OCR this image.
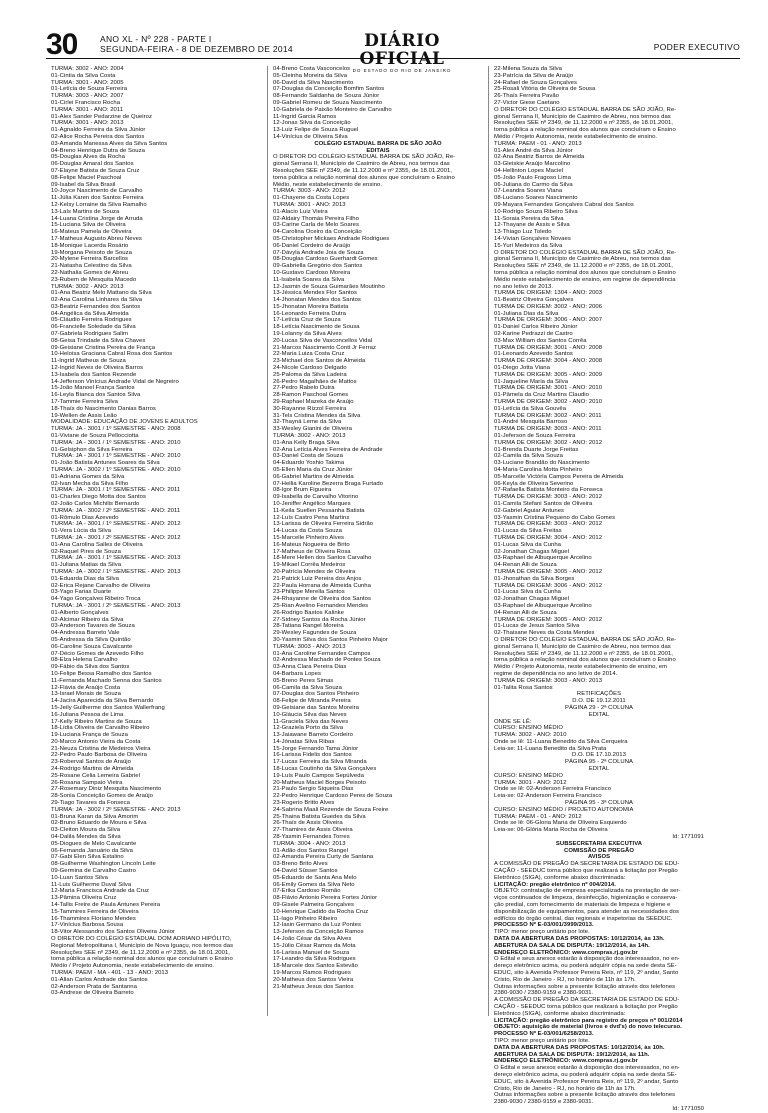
30	ANO XL - Nº 228 - PARTE I
SEGUNDA-FEIRA - 8 DE DEZEMBRO DE 2014	DIÁRIO OFICIAL
DO ESTADO DO RIO DE JANEIRO
PODER EXECUTIVO
TURMA: 3002 - ANO: 2004
01-Cintia da Silva Costa
TURMA: 3001 - ANO: 2005
01-Letícia de Souza Ferreira
TURMA: 3003 - ANO: 2007
01-Cirlei Francisco Rocha
TURMA: 3001 - ANO: 2011
01-Alex Sander Pedarzine de Queiroz
TURMA: 3001 - ANO: 2013
01-Agnaldo Ferreira da Silva Júnior
02-Alice Rocha Pereira dos Santos
03-Amanda Manessa Alves da Silva Santos
04-Breno Henrique Dutra de Souza
05-Douglas Alves da Rocha
06-Douglas Amaral dos Santos
07-Elayne Batista de Souza Cruz
08-Felipe Maciel Paschoal
09-Isabel da Silva Brasil
10-Joyce Nascimento de Carvalho
11-Júlia Karen dos Santos Ferreira
12-Kelsy Lorraine da Silva Ramalho
13-Laís Martins de Souza
14-Luana Cristina Jorge de Arruda
15-Luciana Silva de Oliveira
16-Mateus Pamela de Oliveira
17-Matheus Augusto Abreu Neves
18-Monique Lacerda Rosário
19-Morgana Peixoto de Souza
20-Mylene Ferreira Barcellos
21-Natasha Celestino da Silva
22-Nathalia Gomes de Abreu
23-Rubem de Mesquita Macedo
TURMA: 3002 - ANO: 2013
01-Ana Beatriz Melo Mattano da Silva
02-Ana Carolina Linhares da Silva
03-Beatriz Fernandes dos Santos
04-Angélica da Silva Almeida
05-Cláudio Ferreira Rodrigues
06-Francielle Soledade da Silva
07-Gabriela Rodrigues Salim
08-Geisa Trindade da Silva Chaves
09-Geisiane Cristina Pereira de França
10-Heloisa Graciana Cabral Rosa dos Santos
11-Ingrid Matheus de Souza
12-Ingrid Neves de Oliveira Barros
13-Isabela dos Santos Rezende
14-Jefferson Vinícius Andrade Vidal de Negreiro
15-João Manoel França Santos
16-Leyla Bianca dos Santos Silva
17-Tammie Ferreira Silva
18-Thaís do Nascimento Danias Barros
19-Wellen de Assis Leão
MODALIDADE: EDUCAÇÃO DE JOVENS E ADULTOS
TURMA: JA - 3001 / 1º SEMESTRE - ANO: 2008
01-Viviane de Souza Pellocciotta
TURMA: JA - 3001 / 1º SEMESTRE - ANO: 2010
01-Gelsiphon da Silva Ferreira
TURMA: JA - 3001 / 1º SEMESTRE - ANO: 2010
01-João Batista Antunes Soares da Silva
TURMA: JA - 3002 / 1º SEMESTRE - ANO: 2010
01-Adriana Gomes da Silva
02-Ivan Mecha da Silva Filho
TURMA: JA - 3001 / 1º SEMESTRE - ANO: 2011
01-Charles Diego Motta dos Santos
02-João Carlos Michilis Bernardo
TURMA: JA - 3002 / 2º SEMESTRE - ANO: 2011
01-Rômulo Dias Azevedo
TURMA: JA - 3001 / 1º SEMESTRE - ANO: 2012
01-Vera Lúcia da Silva
TURMA: JA - 3001 / 2º SEMESTRE - ANO: 2012
01-Ana Carolina Salles de Oliveira
02-Raquel Pires de Souza
TURMA: JA - 3001 / 1º SEMESTRE - ANO: 2013
01-Juliana Matias da Silva
TURMA: JA - 3002 / 1º SEMESTRE - ANO: 2013
01-Eduarda Dias da Silva
02-Erica Rejane Carvalho de Oliveira
03-Yago Farias Duarte
04-Yago Gonçalves Ribeiro Troca
TURMA: JA - 3001 / 2º SEMESTRE - ANO: 2013
01-Alberto Gonçalves
02-Alcimar Ribeiro da Silva
03-Anderson Tavares de Souza
04-Andressa Barreto Vale
05-Andressa da Silva Quintão
06-Caroline Souza Cavalcante
07-Décio Gomes de Azevedo Filho
08-Elza Helena Carvalho
09-Fábio da Silva dos Santos
10-Felipe Bessa Ramalho dos Santos
11-Fernanda Machado Senna dos Santos
12-Flávia de Araújo Costa
13-Israel Morais de Souza
14-Jacira Aparecida da Silva Bernardo
15-Jeily Guilherme dos Santos Wallerfrang
16-Juliana Pessoa de Lima
17-Kelly Ribeiro Martins de Souza
18-Lídia Oliveira de Carvalho Ribeiro
19-Luciana França de Souza
20-Marco Antonio Vieira da Costa
21-Neuza Cristina de Medeiros Vieira
22-Pedro Paulo Barbosa de Oliveira
23-Roberval Santos de Araújo
24-Rodrigo Martins de Almeida
25-Rosane Celia Lemeira Gabriel
26-Rosana Sampaio Vieira
27-Rosemary Diniz Mesquita Nascimento
28-Sonia Conceição Gomes de Araújo
29-Tiago Tavares da Fonseca
TURMA: JA - 3002 / 2º SEMESTRE - ANO: 2013
01-Bruna Karan da Silva Amorim
02-Bruno Eduardo de Moura e Silva
03-Cleiton Moura da Silva
04-Dalila Mendes da Silva
05-Diogues de Melo Cavalcante
06-Fernanda Januário da Silva
07-Gabi Elen Silva Estalino
08-Guilherme Washington Lincoln Leite
09-Germina de Carvalho Castro
10-Luan Santos Silva
11-Luis Guilherme Duval Silva
12-Maria Francisca Andrade da Cruz
13-Pâmina Oliveira Cruz
14-Tallis Freire de Paula Antunes Pereira
15-Tammires Ferreira de Oliveira
16-Thammires Floriano Mendes
17-Vinícius Barbosa Sousa
18-Vitor Alessandro dos Santos Oliveira Júnior
O DIRETOR DO COLÉGIO ESTADUAL DOM ADRIANO HIPÓLITO,
Regional Metropolitana I, Município de Nova Iguaçu, nos termos das
Resoluções SEE nº 2349, de 11.12.2000 e nº 2355, de 18.01.2001,
torna pública a relação nominal dos alunos que concluíram o Ensino
Médio / Projeto Autonomia, neste estabelecimento de ensino.
TURMA: PAEM - MA - 401 - 13 - ANO: 2013
01-Allan Carlos Andrade dos Santos
02-Anderson Prata de Santanna
03-Andrese de Oliveira Barreto
04-Breno Costa Vasconcelos
05-Cleinha Moreira da Silva
06-David da Silva Nascimento
07-Douglas da Conceição Bomfim Santos
08-Fernando Saldanha de Souza Júnior
09-Gabriel Romeu de Souza Nascimento
10-Gabriela de Paixão Monteiro de Carvalho
11-Ingrid Garcia Ramos
12-Jonas Silva da Conceição
13-Luiz Felipe de Souza Ruguel
14-Vinícius de Oliveira Silva
COLÉGIO ESTADUAL BARRA DE SÃO JOÃO
EDITAIS
O DIRETOR DO COLÉGIO ESTADUAL BARRA DE SÃO JOÃO, Re-
gional Serrana II, Município de Casimiro de Abreu, nos termos das
Resoluções SEE nº 2349, de 11.12.2000 e nº 2355, de 18.01.2001,
torna pública a relação nominal dos alunos que concluíram o Ensino
Médio, neste estabelecimento de ensino.
TURMA: 3003 - ANO: 2012
01-Chayene da Costa Lopes
TURMA: 3001 - ANO: 2013
01-Alacio Luiz Vieira
02-Aldairy Thomás Pereira Filho
03-Carine Carla de Melo Soares
04-Carolina Oceiro da Conceição
05-Christopher Mickaes Andrade Rodrigues
06-Daniel Cordeiro de Araújo
07-Dávyla Andrade Joia de Souza
08-Douglas Cardoso Guerhardt Gomes
09-Gabriella Gregório dos Santos
10-Gustavo Cardoso Moreira
11-Isabela Soares da Silva
12-Jasmin de Souza Guimarães Moutinho
13-Jéssica Mendes Flor Santos
14-Jhonatan Mendes dos Santos
15-Jhonatan Moreira Batista
16-Leonardo Ferreira Dutra
17-Letícia Cruz de Souza
18-Letícia Nascimento de Sousa
19-Lolanny da Silva Alves
20-Lucas Silva de Vasconcellos Vidal
21-Marcos Nascimento Conti Jr Ferraz
22-Maria Luiza Costa Cruz
23-Michael dos Santos de Almeida
24-Nicole Cardoso Delgado
25-Paloma da Silva Ladeira
26-Pedro Magalhães de Mattos
27-Pedro Rabelo Dutra
28-Ramon Paschoal Gomes
29-Raphael Mazeka de Araújo
30-Rayanne Rizzol Ferreira
31-Tels Cristina Mendes da Silva
32-Thayná Leme da Silva
33-Wesley Gianini de Oliveira
TURMA: 3002 - ANO: 2013
01-Ana Kelly Braga Silva
02-Ana Letícia Alves Ferreira de Andrade
03-Daniel Costa de Souza
04-Eduardo Yoshio Takima
05-Ellen Maria da Cruz Júnior
06-Gabriel Martins de Almeida
07-Hellia Karoline Bezerra Braga Furtado
08-Igor Brum Figueira
09-Isabella de Carvalho Vitorino
10-Jeniffer Angélico Marques
11-Keila Suellen Pessanha Batista
12-Luís Castro Pena Martins
13-Larissa de Oliveira Ferreira Sidrão
14-Lucas da Costa Souza
15-Marcelle Pinheiro Alves
16-Mateus Nogueira de Brito
17-Matheus de Oliveira Rosa
18-Mere Hellen dos Santos Carvalho
19-Mikael Corrêa Medeiros
20-Patrícia Mendes de Oliveira
21-Patrick Luiz Pereira dos Anjos
22-Paula Horrana de Almeida Cunha
23-Philippe Merella Santos
24-Rhayanne de Oliveira dos Santos
25-Rian Avelino Fernandes Mendes
26-Rodrigo Bastos Kalinke
27-Sidney Santos da Rocha Júnior
28-Tatiana Rangel Moreira
29-Wesley Fagundes de Souza
30-Yasmin Silva dos Santos Pinheiro Major
TURMA: 3003 - ANO: 2013
01-Ana Caroline Fernandes Campos
02-Andressa Machado de Pontes Souza
03-Anna Clara Pereira Dias
04-Barbara Lopes
05-Breno Peres Simas
06-Camila da Silva Souza
07-Douglas dos Santos Pinheiro
08-Felipe de Miranda Pereira
09-Geisiane das Santos Moreira
10-Gláucia Silva das Neves
11-Graciela Silva das Neves
12-Graziela Porto da Silva
13-Jaiawane Barreto Cordeiro
14-Jónatas Silva Ribas
15-Jorge Fernando Tama Júnior
16-Larissa Fidelis dos Santos
17-Lucas Ferreira da Silva Miranda
18-Lucas Coutinho da Silva Gonçalves
19-Luís Paulo Campos Sepúlveda
20-Matheus Maciel Borges Peixoto
21-Paulo Sergio Siqueira Dias
22-Pedro Henrique Cardoso Peres de Souza
23-Rogerio Britto Alves
24-Sabrina Maali Rezende de Souza Freire
25-Thaina Batista Guedes da Silva
26-Thaís de Assis Oliveira
27-Thamires de Assis Oliveira
28-Yasmin Fernandes Torres
TURMA: 3004 - ANO: 2013
01-Adão dos Santos Rangel
02-Amanda Pereira Curty de Santana
03-Breno Brito Alves
04-David Süsser Santos
05-Eduardo de Santa Ana Melo
06-Emily Gomes da Silva Neto
07-Erika Cardoso Romão
08-Flávio Antonio Pereira Fortes Júnior
09-Gisele Palmeira Gonçalves
10-Henrique Cadido da Rocha Cruz
11-Iago Pinheiro Ribeiro
12-Iasin Germano da Luz Pontes
13-Jeferson da Conceição Ramos
14-João César da Silva Alves
15-Júlio César Ramos da Mota
16-Larissa Manuel de Souza
17-Leandro da Silva Rodrigues
18-Marcele dos Santos Estevão
19-Marcos Ramos Rodrigues
20-Matheus dos Santos Vieira
21-Matheus Jesus dos Santos
22-Milena Souza da Silva
23-Patrícia da Silva de Araújo
24-Rafael de Souza Gonçalves
25-Rosali Vitória de Oliveira de Sousa
26-Thaís Ferreira Pavão
27-Victor Giese Caetano
O DIRETOR DO COLÉGIO ESTADUAL BARRA DE SÃO JOÃO, Re-
gional Serrana II, Município de Casimiro de Abreu, nos termos das
Resoluções SEE nº 2349, de 11.12.2000 e nº 2355, de 18.01.2001,
torna pública a relação nominal dos alunos que concluíram o Ensino
Médio / Projeto Autonomia, neste estabelecimento de ensino.
TURMA: PAEM - 01 - ANO: 2013
01-Alex André da Silva Júnior
02-Ana Beatriz Barros de Almeida
03-Gleiskie Araújo Marcolino
04-Hellinton Lopes Maciel
05-João Paulo Fragoso Lima
06-Juliana do Carmo da Silva
07-Leandra Soares Viana
08-Luciano Soares Nascimento
09-Mayara Fernandes Gonçalves Cabral dos Santos
10-Rodrigo Souza Ribeiro Silva
11-Soraia Pereira da Silva
12-Thayane de Assis e Silva
13-Thiago Luz Toledo
14-Vivian Gonçalves Novaes
15-Yuri Medeiros da Silva
O DIRETOR DO COLÉGIO ESTADUAL BARRA DE SÃO JOÃO, Re-
gional Serrana II, Município de Casimiro de Abreu, nos termos das
Resoluções SEE nº 2349, de 11.12.2000 e nº 2355, de 18.01.2001,
torna pública a relação nominal dos alunos que concluíram o Ensino
Médio neste estabelecimento de ensino, em regime de dependência
no ano letivo de 2013.
TURMA DE ORIGEM: 1304 - ANO: 2003
01-Beatriz Oliveira Gonçalves
TURMA DE ORIGEM: 3002 - ANO: 2006
01-Juliana Dias da Silva
TURMA DE ORIGEM: 3006 - ANO: 2007
01-Daniel Carlos Ribeiro Júnior
02-Karine Pedrazzi de Castro
03-Max William dos Santos Corrêa
TURMA DE ORIGEM: 3001 - ANO: 2008
01-Leonardo Azevedo Santos
TURMA DE ORIGEM: 3004 - ANO: 2008
01-Diego Jotta Viana
TURMA DE ORIGEM: 3005 - ANO: 2009
01-Jaqueline Maria da Silva
TURMA DE ORIGEM: 3001 - ANO: 2010
01-Pâmela da Cruz Martins Claudio
TURMA DE ORIGEM: 3002 - ANO: 2010
01-Letícia da Silva Gouvêa
TURMA DE ORIGEM: 3002 - ANO: 2011
01-André Mesquita Barroso
TURMA DE ORIGEM: 3003 - ANO: 2011
01-Jeferson de Souza Ferreira
TURMA DE ORIGEM: 3002 - ANO: 2012
01-Brenda Duarte Jorge Freitas
02-Camila da Silva Souza
03-Luciane Brandão do Nascimento
04-Maria Carolina Motta Pinheiro
05-Marcelle Victória Campos Pereira de Almeida
06-Keyla de Oliveira Severino
07-Rafaella Batista Monteiro da Fonseca
TURMA DE ORIGEM: 3003 - ANO: 2012
01-Camila Stefani Santos de Oliveira
02-Gabriel Aguiar Antunes
03-Yasmin Cristina Pequeno do Cabo Gomes
TURMA DE ORIGEM: 3003 - ANO: 2012
01-Lucas da Silva Freitas
TURMA DE ORIGEM: 3004 - ANO: 2012
01-Lucas Silva da Cunha
02-Jonathan Chagas Miguel
03-Raphael de Albuquerque Arcelino
04-Renan Alli de Souza
TURMA DE ORIGEM: 3005 - ANO: 2012
01-Jhonathan da Silva Borges
TURMA DE ORIGEM: 3006 - ANO: 2012
01-Lucas Silva da Cunha
02-Jonathan Chagas Miguel
03-Raphael de Albuquerque Arcelino
04-Renan Alli de Souza
TURMA DE ORIGEM: 3005 - ANO: 2012
01-Lucas de Jesus Santos Silva
02-Thaisane Neves da Costa Mendes
O DIRETOR DO COLÉGIO ESTADUAL BARRA DE SÃO JOÃO, Re-
gional Serrana II, Município de Casimiro de Abreu, nos termos das
Resoluções SEE nº 2349, de 11.12.2000 e nº 2355, de 18.01.2001,
torna pública a relação nominal dos alunos que concluíram o Ensino
Médio / Projeto Autonomia, neste estabelecimento de ensino, em
regime de dependência no ano letivo de 2014.
TURMA DE ORIGEM: 3003 - ANO: 2013
01-Talita Rosa Santos
RETIFICAÇÕES
D.O. DE 19.12.2011
PÁGINA 29 - 2ª COLUNA
EDITAL
ONDE SE LÊ:
CURSO: ENSINO MÉDIO
TURMA: 3002 - ANO: 2010
Onde se lê: 11-Luana Benedito da Silva Cerqueira
Leia-se: 11-Luana Benedito da Silva Prata
D.O. DE 17.10.2013
PÁGINA 95 - 2ª COLUNA
EDITAL
CURSO: ENSINO MÉDIO
TURMA: 3001 - ANO: 2012
Onde se lê: 02-Anderson Ferreira Francisco
Leia-se: 02-Anderson Ferreira Francisco
PÁGINA 95 - 3ª COLUNA
CURSO: ENSINO MÉDIO / PROJETO AUTONOMIA
TURMA: PAEM - 01 - ANO: 2012
Onde se lê: 06-Gloria Maria de Oliveira Esquierdo
Leia-se: 06-Glória Maria Rocha de Oliveira
Id: 1771091
SUBSECRETARIA EXECUTIVA
COMISSÃO DE PREGÃO
AVISOS
A COMISSÃO DE PREGÃO DA SECRETARIA DE ESTADO DE EDU-
CAÇÃO - SEEDUC torna público que realizará a licitação por Pregão
Eletrônico (SIGA), conforme abaixo discriminada:
LICITAÇÃO: pregão eletrônico nº 004/2014.
OBJETO: contratação de empresa especializada na prestação de ser-
viços continuados de limpeza, desinfecção, higienização e conserva-
ção predial, com fornecimento de materiais de limpeza e higiene e
disponibilização de equipamentos, para atender as necessidades dos
edifícios do órgão central, das regionais e inspetorias da SEEDUC.
PROCESSO Nº E-03/001/3999/2013.
TIPO: menor preço unitário por lote.
DATA DA ABERTURA DAS PROPOSTAS: 10/12/2014, às 13h.
ABERTURA DA SALA DE DISPUTA: 19/12/2014, às 14h.
ENDEREÇO ELETRÔNICO: www.compras.rj.gov.br
O Edital e seus anexos estarão à disposição dos interessados, no en-
dereço eletrônico acima, ou poderá adquirir cópia na sede desta SE-
EDUC, sito à Avenida Professor Pereira Reis, nº 119, 2º andar, Santo
Cristo, Rio de Janeiro - RJ, no horário de 11h às 17h.
Outras informações sobre a presente licitação através dos telefones
2380-9030 / 2380-9159 e 2380-9031.
A COMISSÃO DE PREGÃO DA SECRETARIA DE ESTADO DE EDU-
CAÇÃO - SEEDUC torna público que realizará a licitação por Pregão
Eletrônico (SIGA), conforme abaixo discriminada:
LICITAÇÃO: pregão eletrônico para registro de preços nº 001/2014
OBJETO: aquisição de material (livros e dvd's) do novo telecurso.
PROCESSO Nº E-03/001/6258/2013.
TIPO: menor preço unitário por lote.
DATA DA ABERTURA DAS PROPOSTAS: 10/12/2014, às 10h.
ABERTURA DA SALA DE DISPUTA: 19/12/2014, às 11h.
ENDEREÇO ELETRÔNICO: www.compras.rj.gov.br
O Edital e seus anexos estarão à disposição dos interessados, no en-
dereço eletrônico acima, ou poderá adquirir cópia na sede desta SE-
EDUC, sito à Avenida Professor Pereira Reis, nº 119, 2º andar, Santo
Cristo, Rio de Janeiro - RJ, no horário de 11h às 17h.
Outras informações sobre a presente licitação através dos telefones
2380-9030 / 2380-9159 e 2380-9031.
Id: 1771050
